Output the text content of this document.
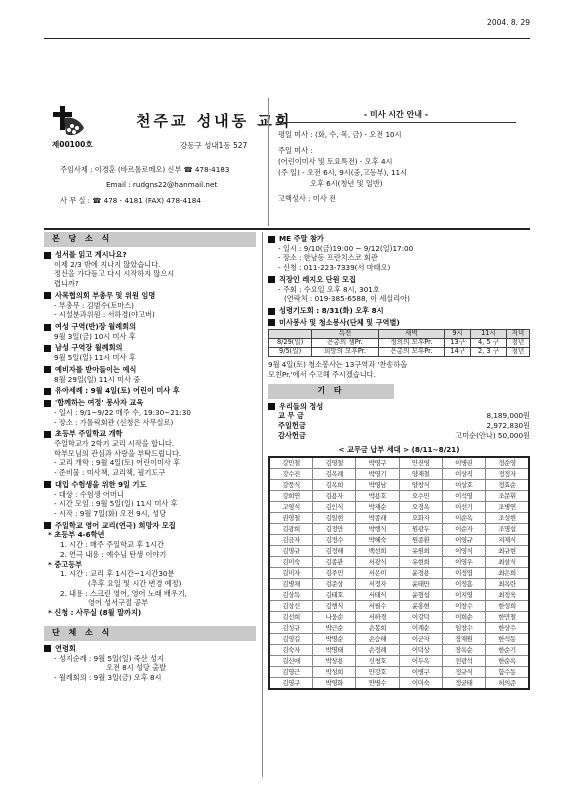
2004. 8. 29
천주교 성내동 교회
제00100호	강동구 성내1동 527
주임사제 : 이경훈 (바르톨로메오) 신부 ☎ 478-4183
Email : rudgns22@hanmail.net
사 무 실 : ☎ 478 - 4181 (FAX) 478-4184
- 미사 시간 안내 -
평일 미사 : (화, 수, 목, 금) - 오전 10시
주일 미사 :
(어린이미사 및 토요특전) - 오후 4시
(주 일) - 오전 6시, 9시(중,고등부), 11시
오후 6시(청년 및 일반)
고백성사 : 미사 전
본 당 소 식
성서를 읽고 계시나요?
이제 2/3 밖에 지나지 않았습니다.
정신을 가다듬고 다시 시작하지 않으시
렵니까?
사목협의회 부총무 및 위원 임명
- 부총무 : 김범수(토마스)
- 시설분과위원 : 서하경(야고버)
여성 구역(반)장 월례회의
9월 3일(금) 10시 미사 후
남성 구역장 월례회의
9월 5일(일) 11시 미사 후
예비자를 받아들이는 예식
8월 29일(일) 11시 미사 중
유아세례 : 9월 4일(토) 어린이 미사 후
'함께하는 여정' 봉사자 교육
- 일시 : 9/1~9/22 매주 수, 19:30~21:30
- 장소 : 가톨릭회관 (신청은 사무실로)
초등부 주일학교 개학
주일학교가 2학기 교리 시작을 합니다.
학부모님의 관심과 사랑을 부탁드립니다.
- 교리 개학 : 9월 4일(토) 어린이미사 후
- 준비물 : 미사책, 교리책, 필기도구
대입 수험생을 위한 9일 기도
- 대상 : 수험생 어머니
- 시간 모임 : 9월 5일(일) 11시 미사 후
- 시작 : 9월 7일(화) 오전 9시, 성당
주일학교 영어 교리(연극) 희망자 모집
* 초등부 4-6학년
1. 시간 : 매주 주일학교 후 1시간
2. 연극 내용 : 예수님 탄생 이야기
* 중고등부
1. 시간 : 교리 후 1시간~1시간30분
(추후 요일 및 시간 변경 예정)
2. 내용 : 스크린 영어, 영어 노래 배우기,
영어 성서구절 공부
* 신청 : 사무실 (8월 말까지)
단 체 소 식
연령회
- 성지순례 : 9월 5일(일) 죽산 성지
오전 8시 성당 출발
- 월례회의 : 9월 3일(금) 오후 8시
ME 주말 참가
- 일시 : 9/10(금)19:00 ~ 9/12(일)17:00
- 장소 : 한남동 프란치스코 회관
- 신청 : 011-223-7339(서 마태오)
직장인 레지오 단원 모집
- 주회 : 수요일 오후 8시, 301호
(연락처 : 019-385-6588, 이 세실리아)
성령기도회 : 8/31(화) 오후 8시
미사봉사 및 청소봉사(단체 및 구역별)
	특전	새벽	9시	11시	저녁
8/29(일)	은총의 샘Pr.	정의의 모후Pr.	13구	4, 5 구	청년
9/5(일)	희망의 모후Pr.	은총의 모후Pr.	14구	2, 3 구	청년
9월 4일(토) 청소봉사는 13구역과 '찬송하올
모친Pr.'에서 수고해 주시겠습니다.
기 타
우리들의 정성
교 무 금	8,189,000원
주일헌금	2,972,830원
감사헌금	고미순(안나) 50,000원
< 교무금 납부 세대 > (8/11~8/21)
강민철	김영철	박영구	안진영	이병권	정순영
강수진	김옥례	박영기	양재철	이상직	정정자
강풍식	김옥희	박영남	양창식	이상호	정효순
강희연	김용자	박용호	오수민	이석영	조문휘
고영식	김인식	박재순	오정옥	이선기	조병연
권영철	김일현	박종래	오화자	이순옥	조성현
김광희	김정만	박행식	원광두	이순자	조명섭
김금자	김정수	박혜숙	원종환	이영규	지재식
김명규	김정해	백선희	유원희	이영식	최규현
김미숙	김종관	서광식	유현희	이영우	최삼식
김미자	김주민	서은미	윤정용	이정엽	최은희
김병채	김준상	서정자	윤태만	이정흠	최옥란
김상득	김태호	서태식	윤형섭	이지영	최정욱
김상신	김행식	서필수	윤홍현	이창수	한성희
김선희	나웅순	서하경	이강덕	이희순	한만철
김성규	박근순	손봉희	이계순	임창수	한상수
김영길	박명순	손승해	이군자	장재원	한석동
김숙자	박명태	손정례	이덕상	장옥순	한순기
김신애	박상용	신청호	이두옥	전광석	한순옥
김영근	박성희	안강호	이병구	정규식	함수동
김영구	박영화	안병수	이미숙	정균태	허의준
